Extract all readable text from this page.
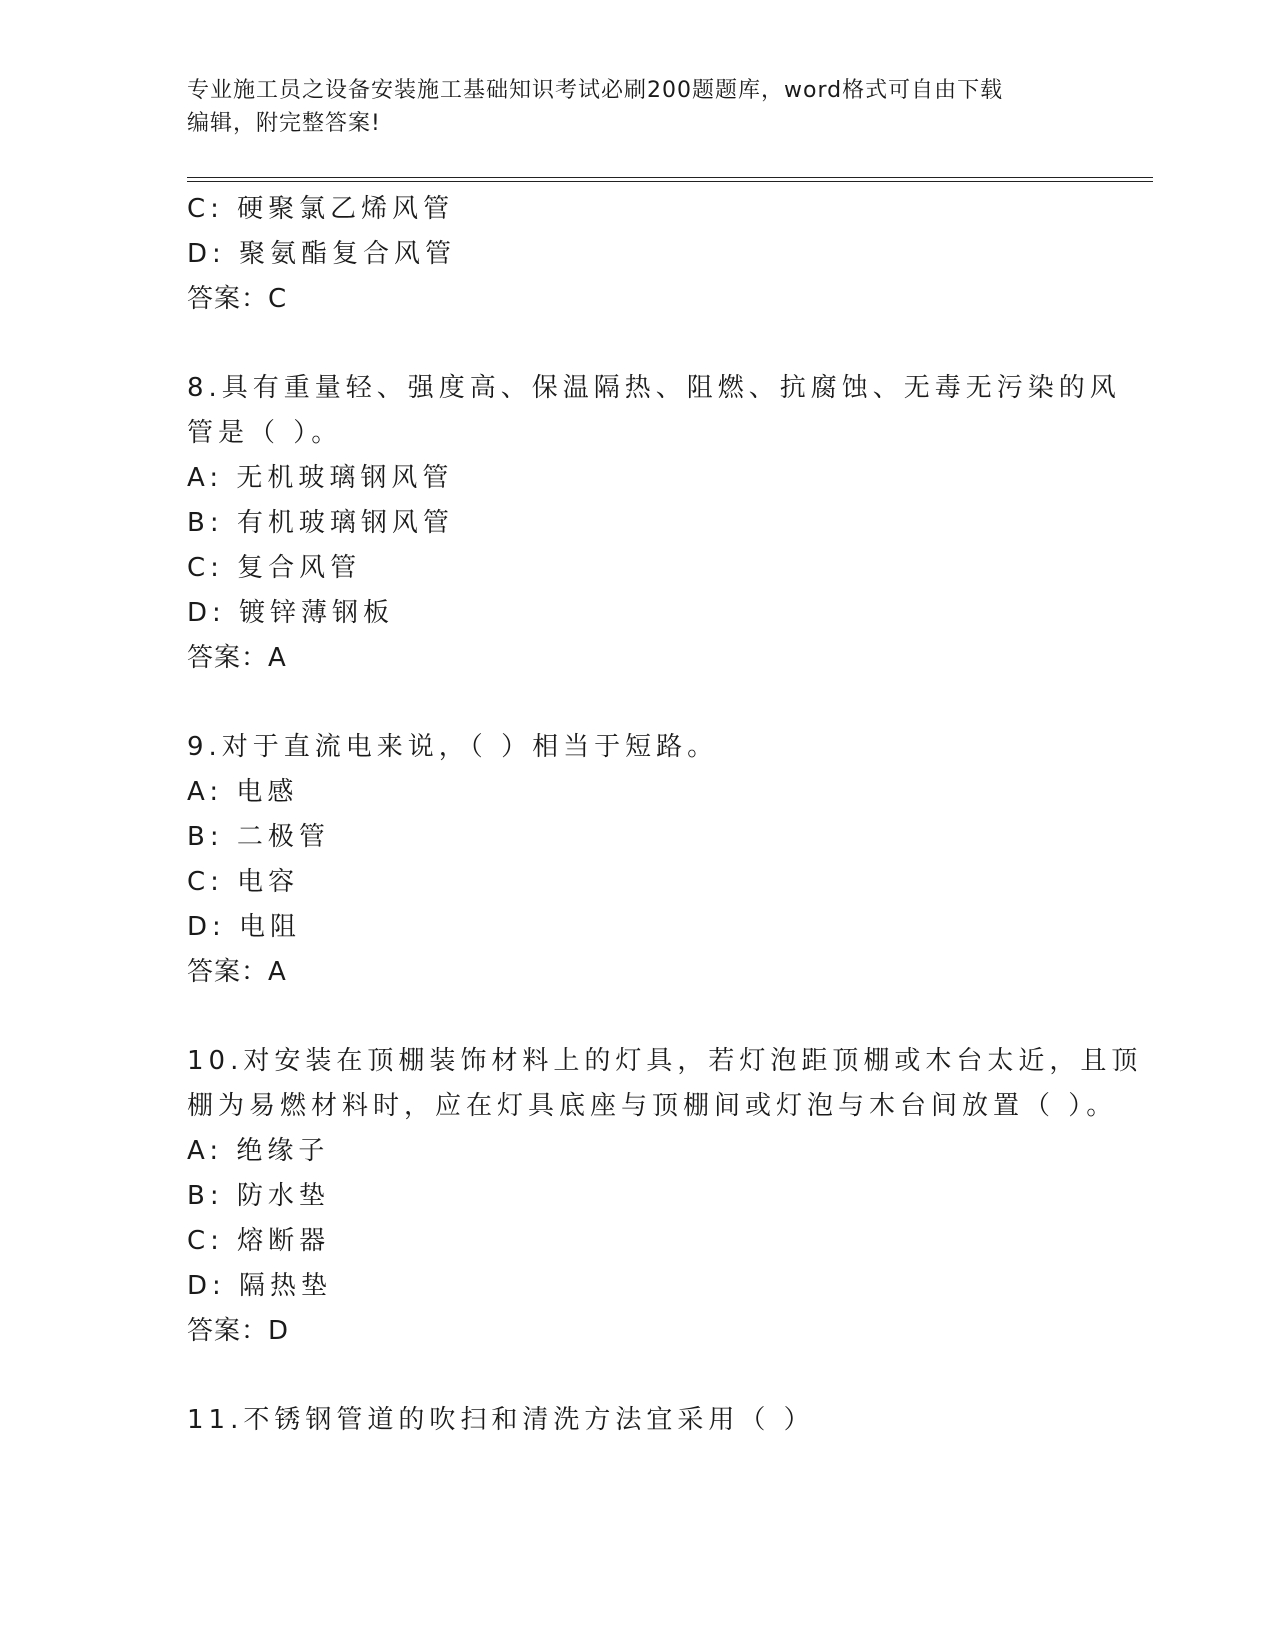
专业施工员之设备安装施工基础知识考试必刷200题题库，word格式可自由下载
编辑，附完整答案!
C: 硬聚氯乙烯风管
D: 聚氨酯复合风管
答案：C
8.具有重量轻、强度高、保温隔热、阻燃、抗腐蚀、无毒无污染的风
管是（ ）。
A: 无机玻璃钢风管
B: 有机玻璃钢风管
C: 复合风管
D: 镀锌薄钢板
答案：A
9.对于直流电来说，（ ）相当于短路。
A: 电感
B: 二极管
C: 电容
D: 电阻
答案：A
10.对安装在顶棚装饰材料上的灯具，若灯泡距顶棚或木台太近，且顶
棚为易燃材料时，应在灯具底座与顶棚间或灯泡与木台间放置（ ）。
A: 绝缘子
B: 防水垫
C: 熔断器
D: 隔热垫
答案：D
11.不锈钢管道的吹扫和清洗方法宜采用（ ）
